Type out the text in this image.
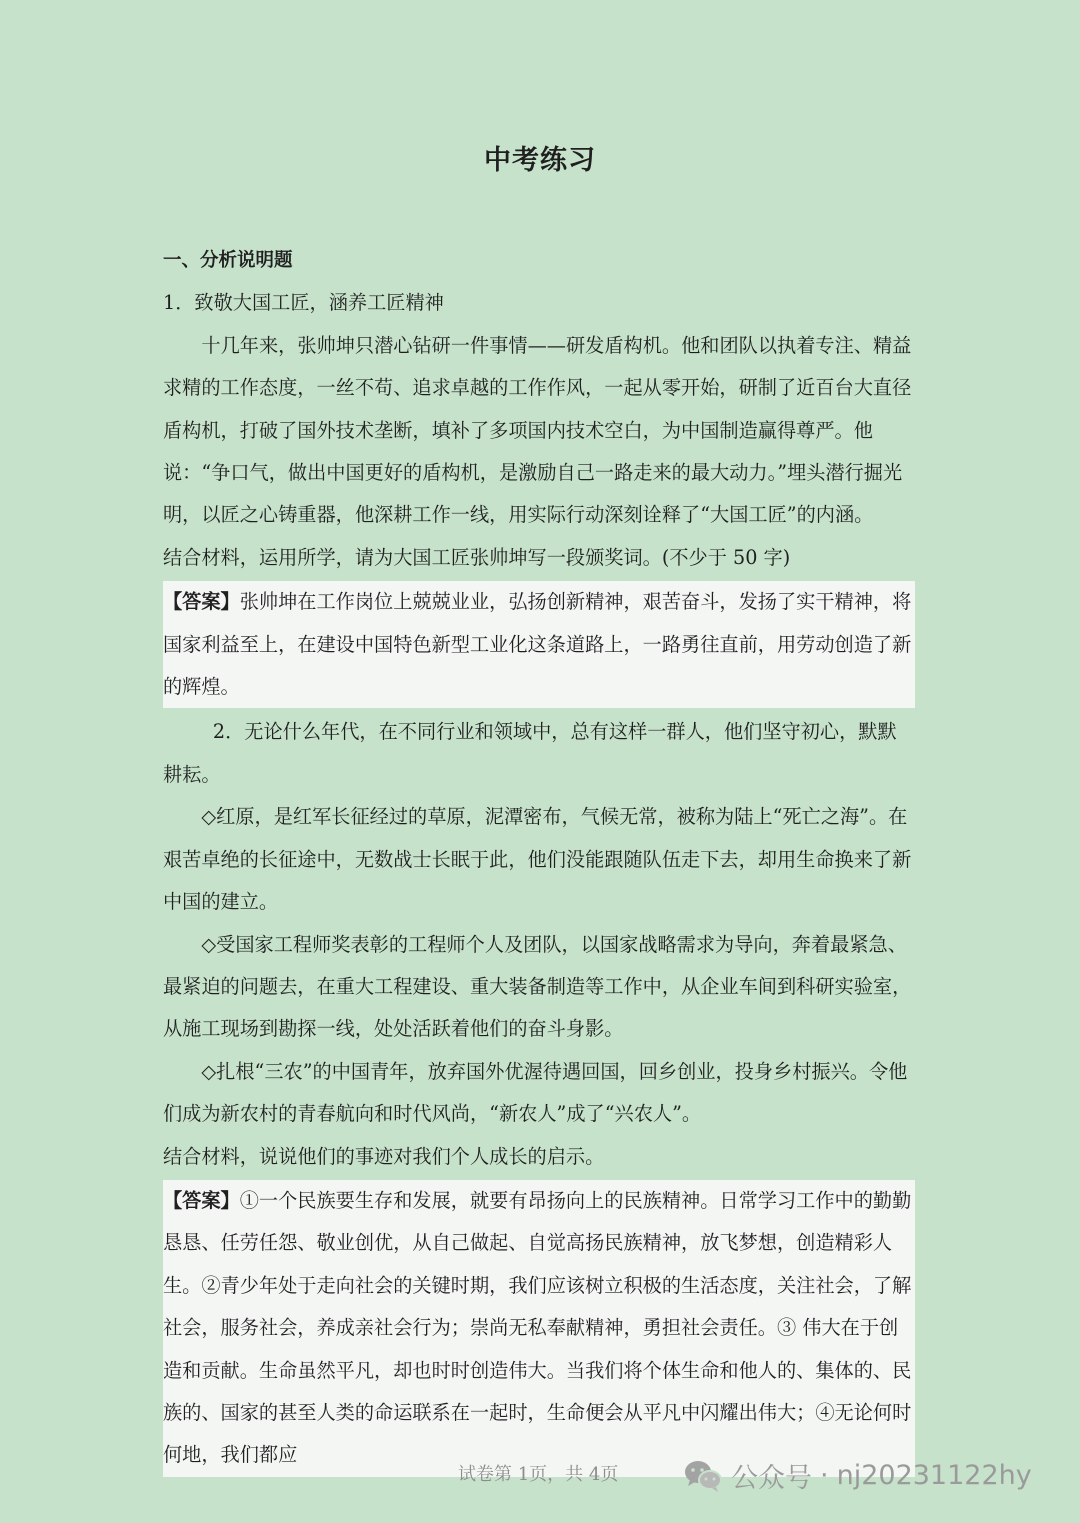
中考练习

一、分析说明题

1．致敬大国工匠，涵养工匠精神

十几年来，张帅坤只潜心钻研一件事情——研发盾构机。他和团队以执着专注、精益求精的工作态度，一丝不苟、追求卓越的工作作风，一起从零开始，研制了近百台大直径盾构机，打破了国外技术垄断，填补了多项国内技术空白，为中国制造赢得尊严。他说：“争口气，做出中国更好的盾构机，是激励自己一路走来的最大动力。”埋头潜行掘光明，以匠之心铸重器，他深耕工作一线，用实际行动深刻诠释了“大国工匠”的内涵。

结合材料，运用所学，请为大国工匠张帅坤写一段颁奖词。(不少于 50 字)

【答案】张帅坤在工作岗位上兢兢业业，弘扬创新精神，艰苦奋斗，发扬了实干精神，将国家利益至上，在建设中国特色新型工业化这条道路上，一路勇往直前，用劳动创造了新的辉煌。

2．无论什么年代，在不同行业和领域中，总有这样一群人，他们坚守初心，默默耕耘。

◇红原，是红军长征经过的草原，泥潭密布，气候无常，被称为陆上“死亡之海”。在艰苦卓绝的长征途中，无数战士长眠于此，他们没能跟随队伍走下去，却用生命换来了新中国的建立。

◇受国家工程师奖表彰的工程师个人及团队，以国家战略需求为导向，奔着最紧急、最紧迫的问题去，在重大工程建设、重大装备制造等工作中，从企业车间到科研实验室，从施工现场到勘探一线，处处活跃着他们的奋斗身影。

◇扎根“三农”的中国青年，放弃国外优渥待遇回国，回乡创业，投身乡村振兴。令他们成为新农村的青春航向和时代风尚，“新农人”成了“兴农人”。

结合材料，说说他们的事迹对我们个人成长的启示。

【答案】①一个民族要生存和发展，就要有昂扬向上的民族精神。日常学习工作中的勤勤恳恳、任劳任怨、敬业创优，从自己做起、自觉高扬民族精神，放飞梦想，创造精彩人生。②青少年处于走向社会的关键时期，我们应该树立积极的生活态度，关注社会，了解社会，服务社会，养成亲社会行为；崇尚无私奉献精神，勇担社会责任。③ 伟大在于创造和贡献。生命虽然平凡，却也时时创造伟大。当我们将个体生命和他人的、集体的、民族的、国家的甚至人类的命运联系在一起时，生命便会从平凡中闪耀出伟大；④无论何时何地，我们都应
试卷第 1页，共 4页	公众号 · nj20231122hy
